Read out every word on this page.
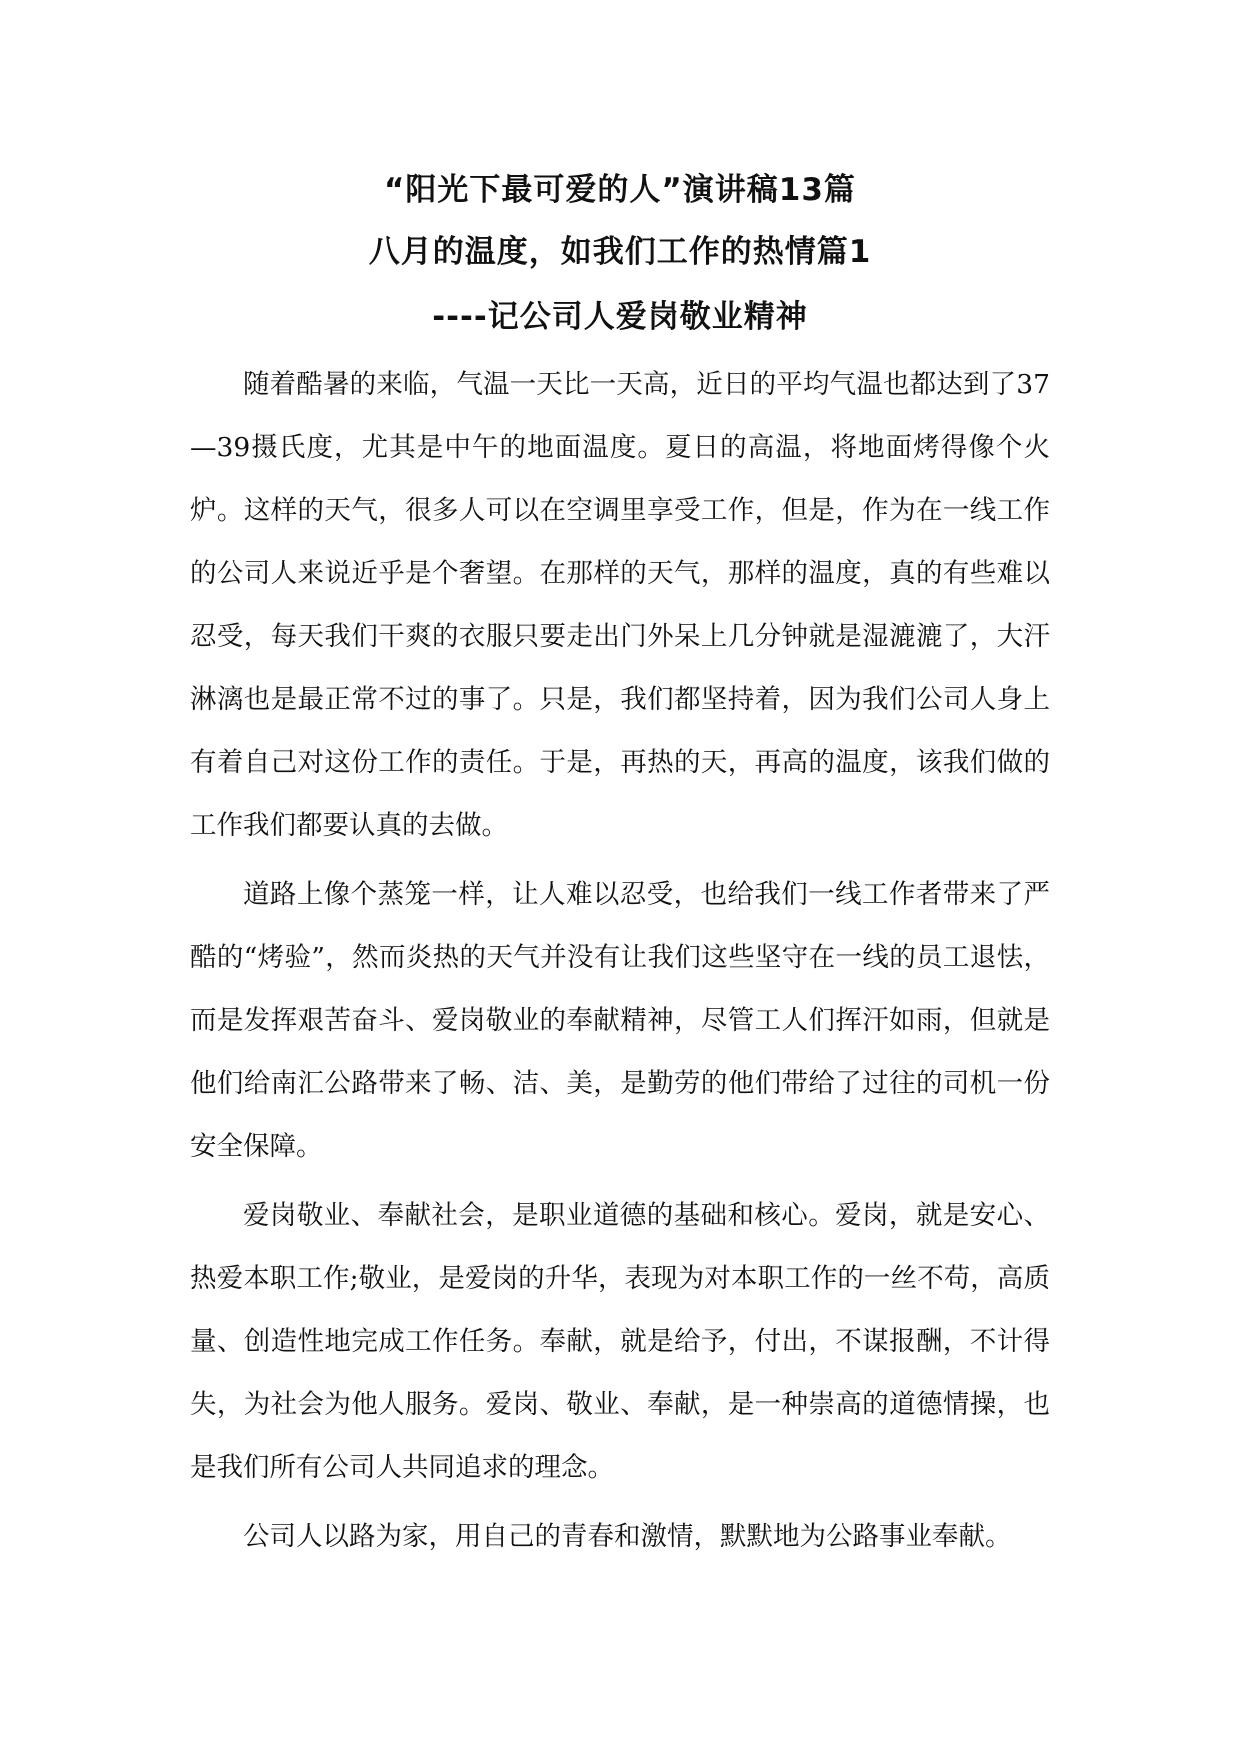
“阳光下最可爱的人”演讲稿13篇
八月的温度，如我们工作的热情篇1
----记公司人爱岗敬业精神

随着酷暑的来临，气温一天比一天高，近日的平均气温也都达到了37—39摄氏度，尤其是中午的地面温度。夏日的高温，将地面烤得像个火炉。这样的天气，很多人可以在空调里享受工作，但是，作为在一线工作的公司人来说近乎是个奢望。在那样的天气，那样的温度，真的有些难以忍受，每天我们干爽的衣服只要走出门外呆上几分钟就是湿漉漉了，大汗淋漓也是最正常不过的事了。只是，我们都坚持着，因为我们公司人身上有着自己对这份工作的责任。于是，再热的天，再高的温度，该我们做的工作我们都要认真的去做。

道路上像个蒸笼一样，让人难以忍受，也给我们一线工作者带来了严酷的“烤验”，然而炎热的天气并没有让我们这些坚守在一线的员工退怯，而是发挥艰苦奋斗、爱岗敬业的奉献精神，尽管工人们挥汗如雨，但就是他们给南汇公路带来了畅、洁、美，是勤劳的他们带给了过往的司机一份安全保障。

爱岗敬业、奉献社会，是职业道德的基础和核心。爱岗，就是安心、热爱本职工作;敬业，是爱岗的升华，表现为对本职工作的一丝不苟，高质量、创造性地完成工作任务。奉献，就是给予，付出，不谋报酬，不计得失，为社会为他人服务。爱岗、敬业、奉献，是一种崇高的道德情操，也是我们所有公司人共同追求的理念。

公司人以路为家，用自己的青春和激情，默默地为公路事业奉献。
